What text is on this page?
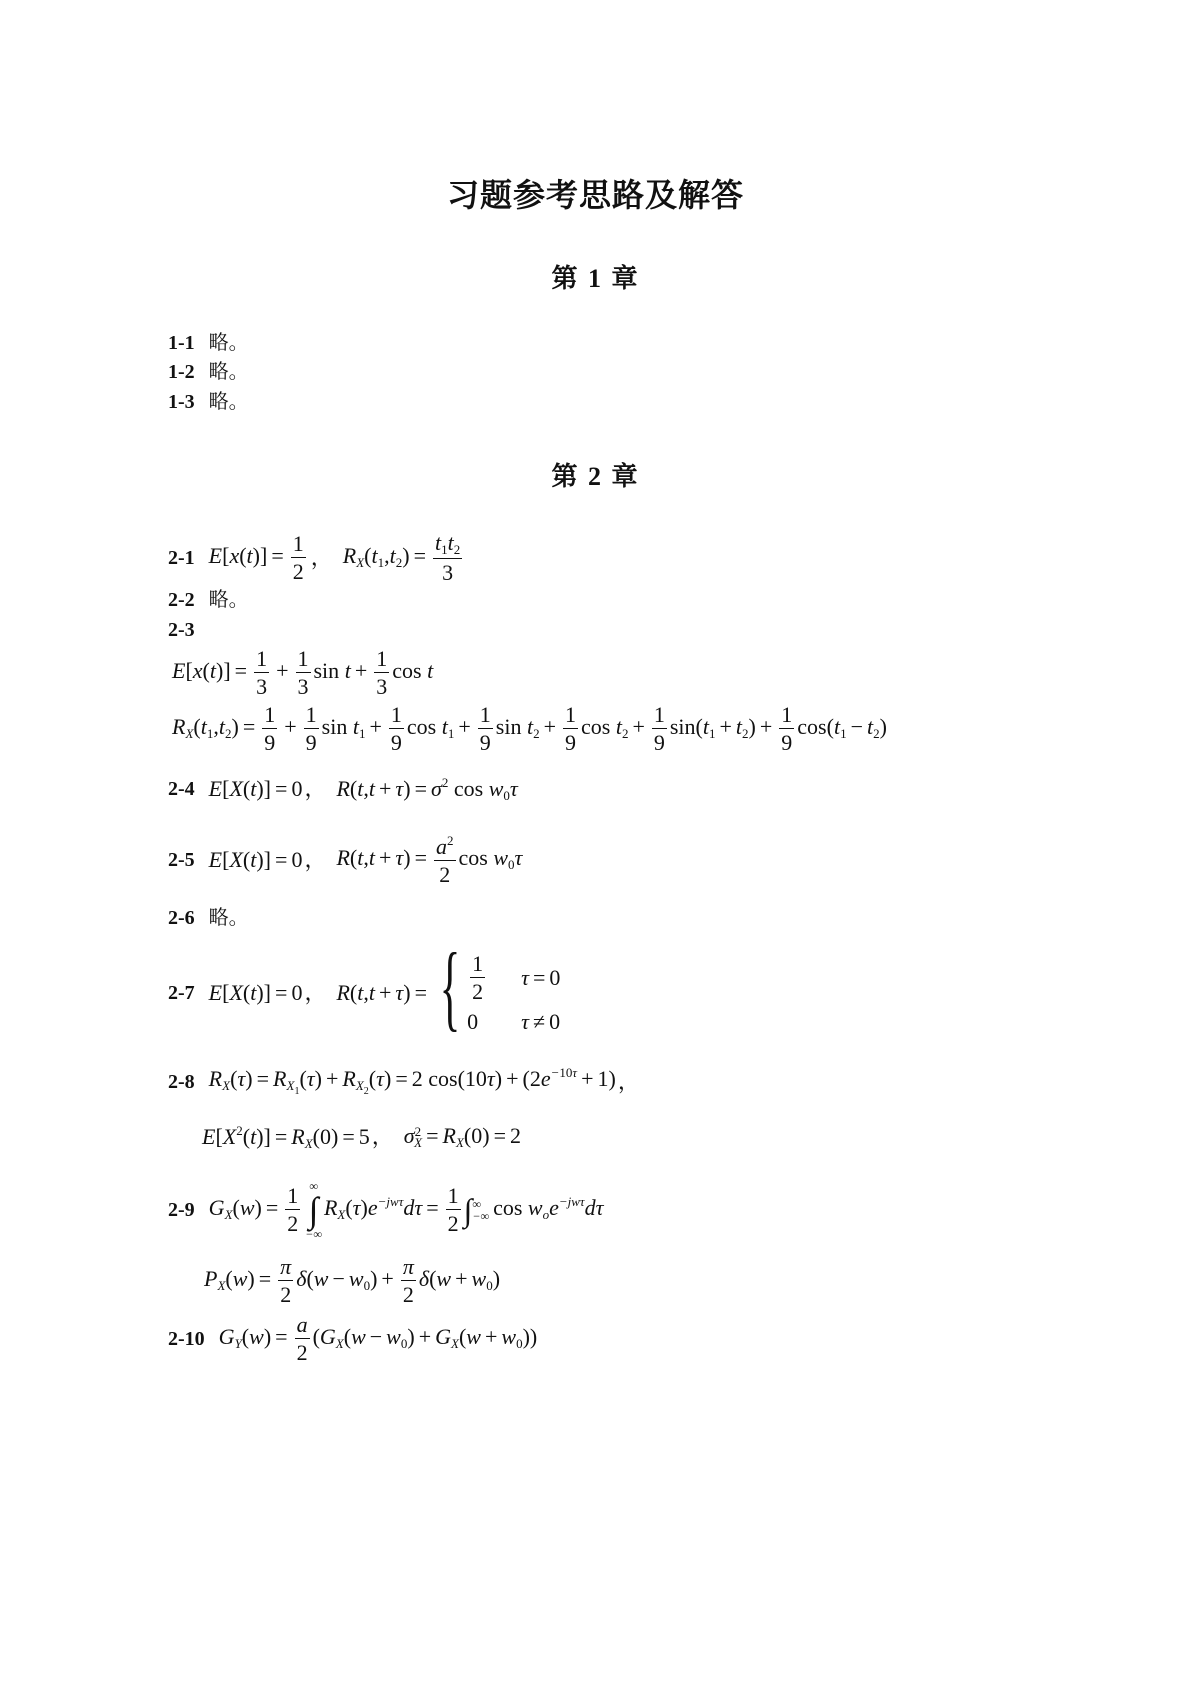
习题参考思路及解答
第 1 章
1-1 略。
1-2 略。
1-3 略。
第 2 章
2-1 $E[x(t)] = \frac{1}{2}$ ， $R_X(t_1,t_2) = \frac{t_1t_2}{3}$
2-2 略。
2-3
$E[x(t)] = \frac{1}{3} + \frac{1}{3}$ $\sin t + \frac{1}{3}$ cos t
$R_X(t_1,t_2) = \frac{1}{9} + \frac{1}{9}$ $\sin t_1 + \frac{1}{9}$ $\cos t_1 + \frac{1}{9}$ $\sin t_2 + \frac{1}{9}$ $\cos t_2 + \frac{1}{9} \sin(t_1 + t_2) + \frac{1}{9} \cos(t_1 - t_2)$
2-4 E[X(t)] = 0 ， $R(t,t + \tau) = \sigma^2$ $\cos w_0\tau$
2-5 E[X(t)] = 0 ， $R(t,t + \tau) = \frac{a^2}{2}$ $\cos w_0\tau$
2-6 略。
2-7 E[X(t)] = 0 ， R(t,t + τ) = { $\frac{1}{2}$ τ = 0
0	τ ≠ 0
2-8 $R_X(\tau) = R_{X_1}(\tau) + R_{X_2}(\tau) = 2$ $\cos(10\tau) + (2e^{-10\tau} + 1)$ ，
$E[X^2(t)] = R_X(0) = 5$ ， $\sigma^2_X = R_X(0) = 2$
2-9 $G_X(w) = \frac{1}{2}$ ∞
∫
−∞
$R_X(\tau)e^{-jw\tau}d\tau = \frac{1}{2}$ ∫ ∞
−∞ $\cos w_oe^{-jw\tau}d\tau$
$P_X(w) = \frac{\pi}{2} \delta(w - w_0) + \frac{\pi}{2} \delta(w + w_0)$
2-10 $G_Y(w) = \frac{a}{2} (G_X(w - w_0) + G_X(w + w_0))$
